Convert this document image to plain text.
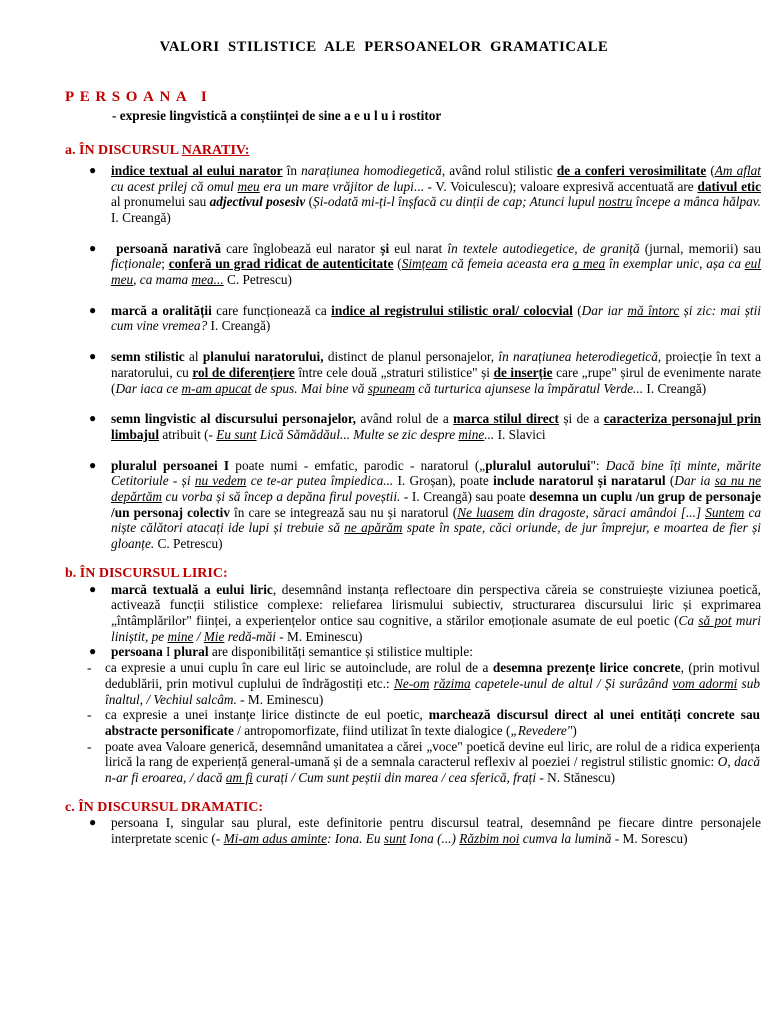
VALORI STILISTICE ALE PERSOANELOR GRAMATICALE
PERSOANA I
- expresie lingvistică a conștiinței de sine a e u l u i rostitor
a. ÎN DISCURSUL NARATIV:
● indice textual al eului narator în narațiunea homodiegetică, având rolul stilistic de a conferi verosimilitate (Am aflat cu acest prilej că omul meu era un mare vrăjitor de lupi... - V. Voiculescu); valoare expresivă accentuată are dativul etic al pronumelui sau adjectivul posesiv (Și-odată mi-ți-l înșfacă cu dinții de cap; Atunci lupul nostru începe a mânca hălpav. I. Creangă)
● persoană narativă care înglobează eul narator și eul narat în textele autodiegetice, de graniță (jurnal, memorii) sau ficționale; conferă un grad ridicat de autenticitate (Simțeam că femeia aceasta era a mea în exemplar unic, așa ca eul meu, ca mama mea... C. Petrescu)
● marcă a oralității care funcționează ca indice al registrului stilistic oral/ colocvial (Dar iar mă întorc și zic: mai știi cum vine vremea? I. Creangă)
● semn stilistic al planului naratorului, distinct de planul personajelor, în narațiunea heterodiegetică, proiecție în text a naratorului, cu rol de diferențiere între cele două „straturi stilistice" și de inserție care „rupe" șirul de evenimente narate (Dar iaca ce m-am apucat de spus. Mai bine vă spuneam că turturica ajunsese la împăratul Verde... I. Creangă)
● semn lingvistic al discursului personajelor, având rolul de a marca stilul direct și de a caracteriza personajul prin limbajul atribuit (- Eu sunt Lică Sămădăul... Multe se zic despre mine... I. Slavici
● pluralul persoanei I poate numi - emfatic, parodic - naratorul („pluralul autorului": Dacă bine îți minte, mărite Cetitoriule - și nu vedem ce te-ar putea împiedica... I. Groșan), poate include naratorul și naratarul (Dar ia sa nu ne depărtăm cu vorba și să încep a depăna firul poveștii. - I. Creangă) sau poate desemna un cuplu /un grup de personaje /un personaj colectiv în care se integrează sau nu și naratorul (Ne luasem din dragoste, săraci amândoi [...] Suntem ca niște călători atacați ide lupi și trebuie să ne apărăm spate în spate, căci oriunde, de jur împrejur, e moartea de fier și gloanțe. C. Petrescu)
b. ÎN DISCURSUL LIRIC:
● marcă textuală a eului liric, desemnând instanța reflectoare din perspectiva căreia se construiește viziunea poetică, activează funcții stilistice complexe: reliefarea lirismului subiectiv, structurarea discursului liric și exprimarea „întâmplărilor" ființei, a experiențelor ontice sau cognitive, a stărilor emoționale asumate de eul poetic (Ca să pot muri liniștit, pe mine / Mie redă-măi - M. Eminescu)
● persoana I plural are disponibilități semantice și stilistice multiple:
- ca expresie a unui cuplu în care eul liric se autoinclude, are rolul de a desemna prezențe lirice concrete, (prin motivul dedublării, prin motivul cuplului de îndrăgostiți etc.: Ne-om răzima capetele-unul de altul / Și surâzând vom adormi sub înaltul, / Vechiul salcâm. - M. Eminescu)
- ca expresie a unei instanțe lirice distincte de eul poetic, marchează discursul direct al unei entități concrete sau abstracte personificate / antropomorfizate, fiind utilizat în texte dialogice („Revedere")
- poate avea Valoare generică, desemnând umanitatea a cărei „voce" poetică devine eul liric, are rolul de a ridica experiența lirică la rang de experiență general-umană și de a semnala caracterul reflexiv al poeziei / registrul stilistic gnomic: O, dacă n-ar fi eroarea, / dacă am fi curați / Cum sunt peștii din marea / cea sferică, frați - N. Stănescu)
c. ÎN DISCURSUL DRAMATIC:
● persoana I, singular sau plural, este definitorie pentru discursul teatral, desemnând pe fiecare dintre personajele interpretate scenic (- Mi-am adus aminte: Iona. Eu sunt Iona (...) Răzbim noi cumva la lumină - M. Sorescu)
